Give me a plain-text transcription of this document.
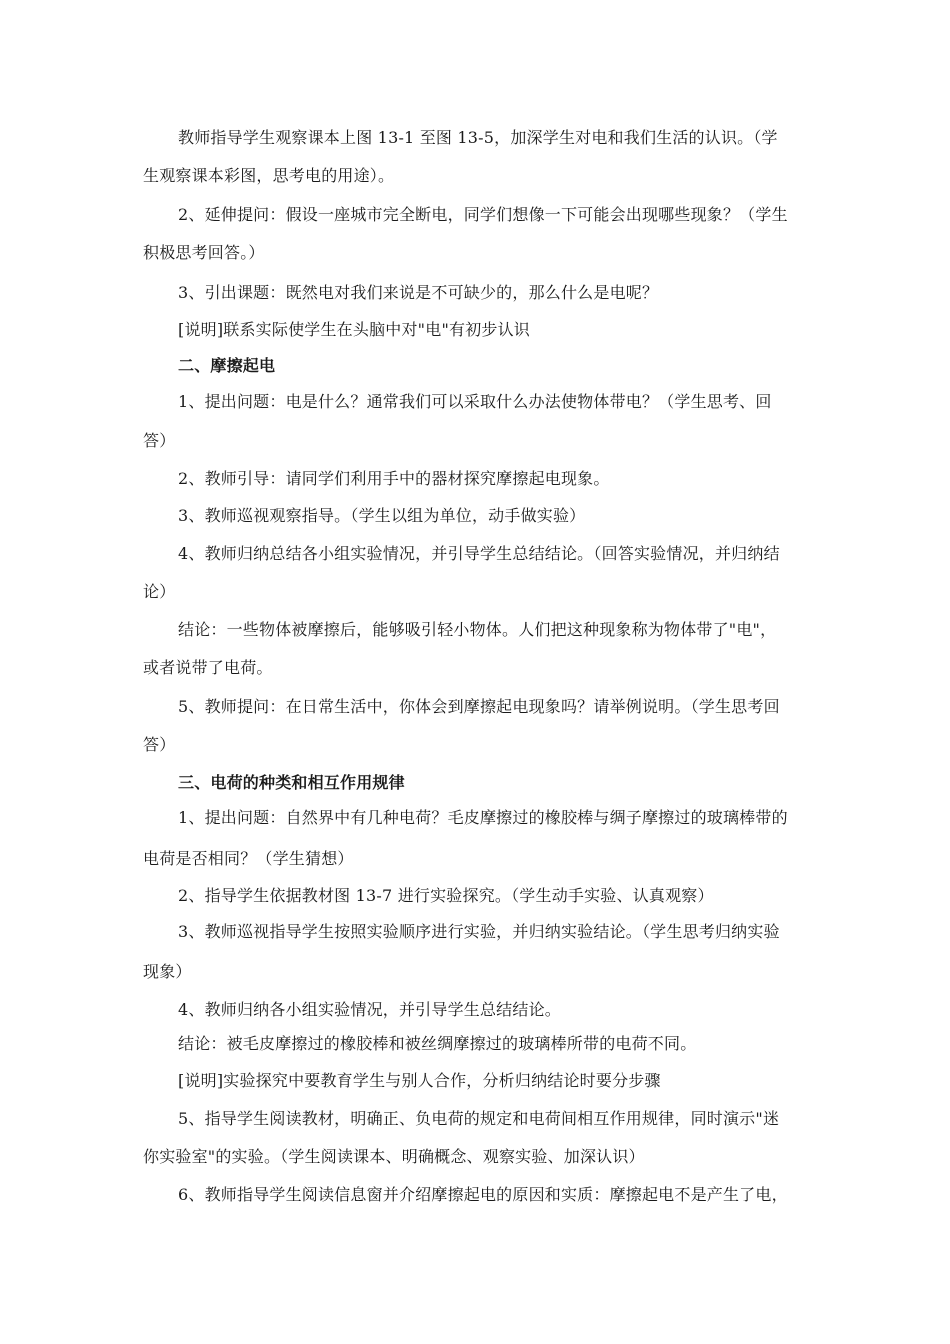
教师指导学生观察课本上图 13-1 至图 13-5，加深学生对电和我们生活的认识。（学
生观察课本彩图，思考电的用途）。
2、延伸提问：假设一座城市完全断电，同学们想像一下可能会出现哪些现象？（学生
积极思考回答。）
3、引出课题：既然电对我们来说是不可缺少的，那么什么是电呢？
[说明]联系实际使学生在头脑中对"电"有初步认识
二、摩擦起电
1、提出问题：电是什么？通常我们可以采取什么办法使物体带电？（学生思考、回
答）
2、教师引导：请同学们利用手中的器材探究摩擦起电现象。
3、教师巡视观察指导。（学生以组为单位，动手做实验）
4、教师归纳总结各小组实验情况，并引导学生总结结论。（回答实验情况，并归纳结
论）
结论：一些物体被摩擦后，能够吸引轻小物体。人们把这种现象称为物体带了"电"，
或者说带了电荷。
5、教师提问：在日常生活中，你体会到摩擦起电现象吗？请举例说明。（学生思考回
答）
三、电荷的种类和相互作用规律
1、提出问题：自然界中有几种电荷？毛皮摩擦过的橡胶棒与绸子摩擦过的玻璃棒带的
电荷是否相同？（学生猜想）
2、指导学生依据教材图 13-7 进行实验探究。（学生动手实验、认真观察）
3、教师巡视指导学生按照实验顺序进行实验，并归纳实验结论。（学生思考归纳实验
现象）
4、教师归纳各小组实验情况，并引导学生总结结论。
结论：被毛皮摩擦过的橡胶棒和被丝绸摩擦过的玻璃棒所带的电荷不同。
[说明]实验探究中要教育学生与别人合作，分析归纳结论时要分步骤
5、指导学生阅读教材，明确正、负电荷的规定和电荷间相互作用规律，同时演示"迷
你实验室"的实验。（学生阅读课本、明确概念、观察实验、加深认识）
6、教师指导学生阅读信息窗并介绍摩擦起电的原因和实质：摩擦起电不是产生了电，
